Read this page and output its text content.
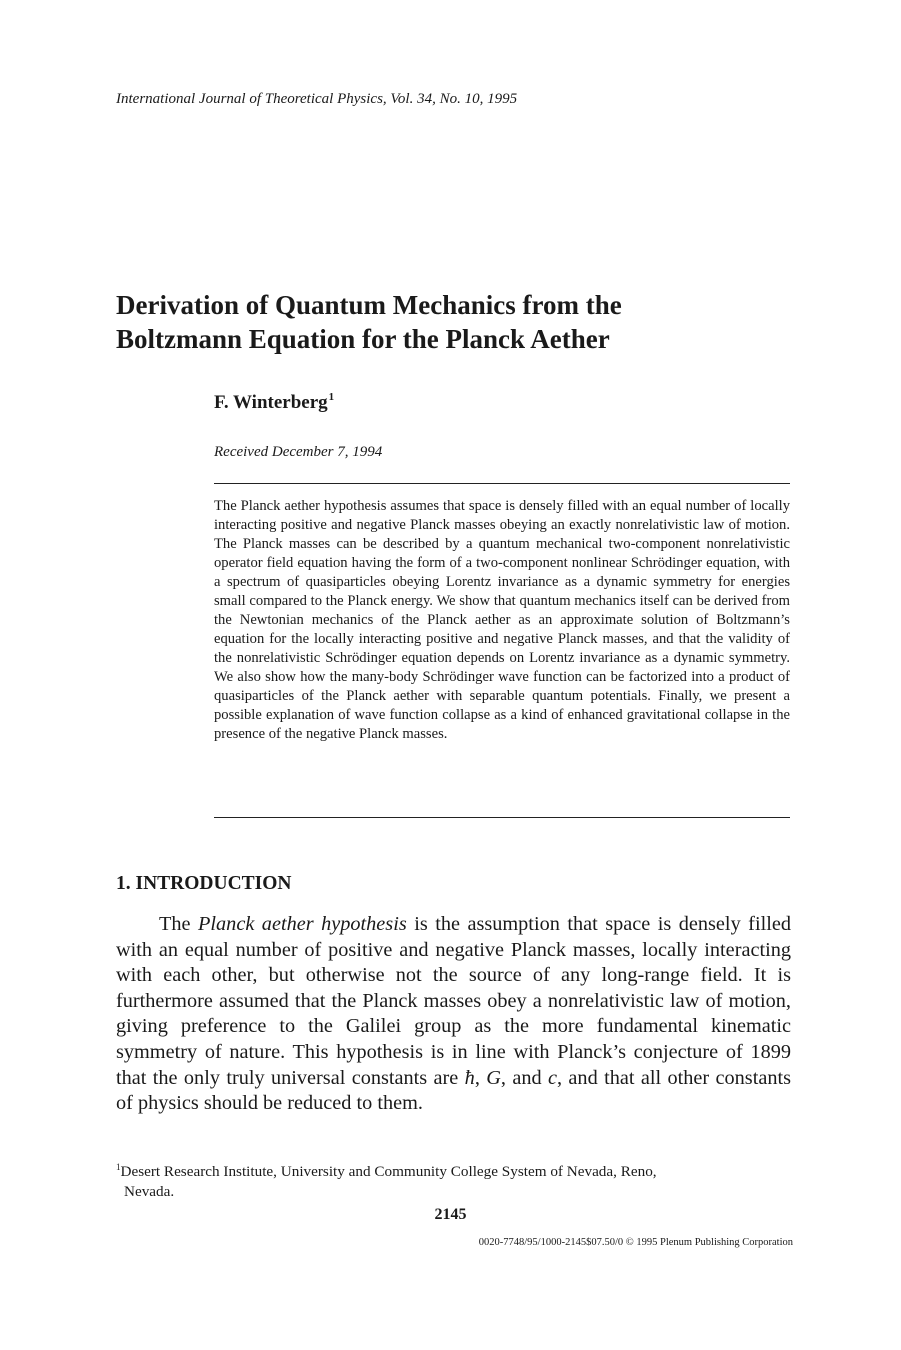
International Journal of Theoretical Physics, Vol. 34, No. 10, 1995
Derivation of Quantum Mechanics from the
Boltzmann Equation for the Planck Aether
F. Winterberg$^1$
Received December 7, 1994
The Planck aether hypothesis assumes that space is densely filled with an equal number of locally interacting positive and negative Planck masses obeying an exactly nonrelativistic law of motion. The Planck masses can be described by a quantum mechanical two-component nonrelativistic operator field equation having the form of a two-component nonlinear Schrödinger equation, with a spectrum of quasiparticles obeying Lorentz invariance as a dynamic symmetry for energies small compared to the Planck energy. We show that quantum mechanics itself can be derived from the Newtonian mechanics of the Planck aether as an approximate solution of Boltzmann’s equation for the locally interacting positive and negative Planck masses, and that the validity of the nonrelativistic Schrödinger equation depends on Lorentz invariance as a dynamic symmetry. We also show how the many-body Schrödinger wave function can be factorized into a product of quasiparticles of the Planck aether with separable quantum potentials. Finally, we present a possible explanation of wave function collapse as a kind of enhanced gravitational collapse in the presence of the negative Planck masses.
1. INTRODUCTION

The Planck aether hypothesis is the assumption that space is densely filled with an equal number of positive and negative Planck masses, locally interacting with each other, but otherwise not the source of any long-range field. It is furthermore assumed that the Planck masses obey a nonrelativistic law of motion, giving preference to the Galilei group as the more fundamental kinematic symmetry of nature. This hypothesis is in line with Planck’s conjecture of 1899 that the only truly universal constants are ħ, G, and c, and that all other constants of physics should be reduced to them.

$^1$Desert Research Institute, University and Community College System of Nevada, Reno,
Nevada.
2145
0020-7748/95/1000-2145$07.50/0 © 1995 Plenum Publishing Corporation
